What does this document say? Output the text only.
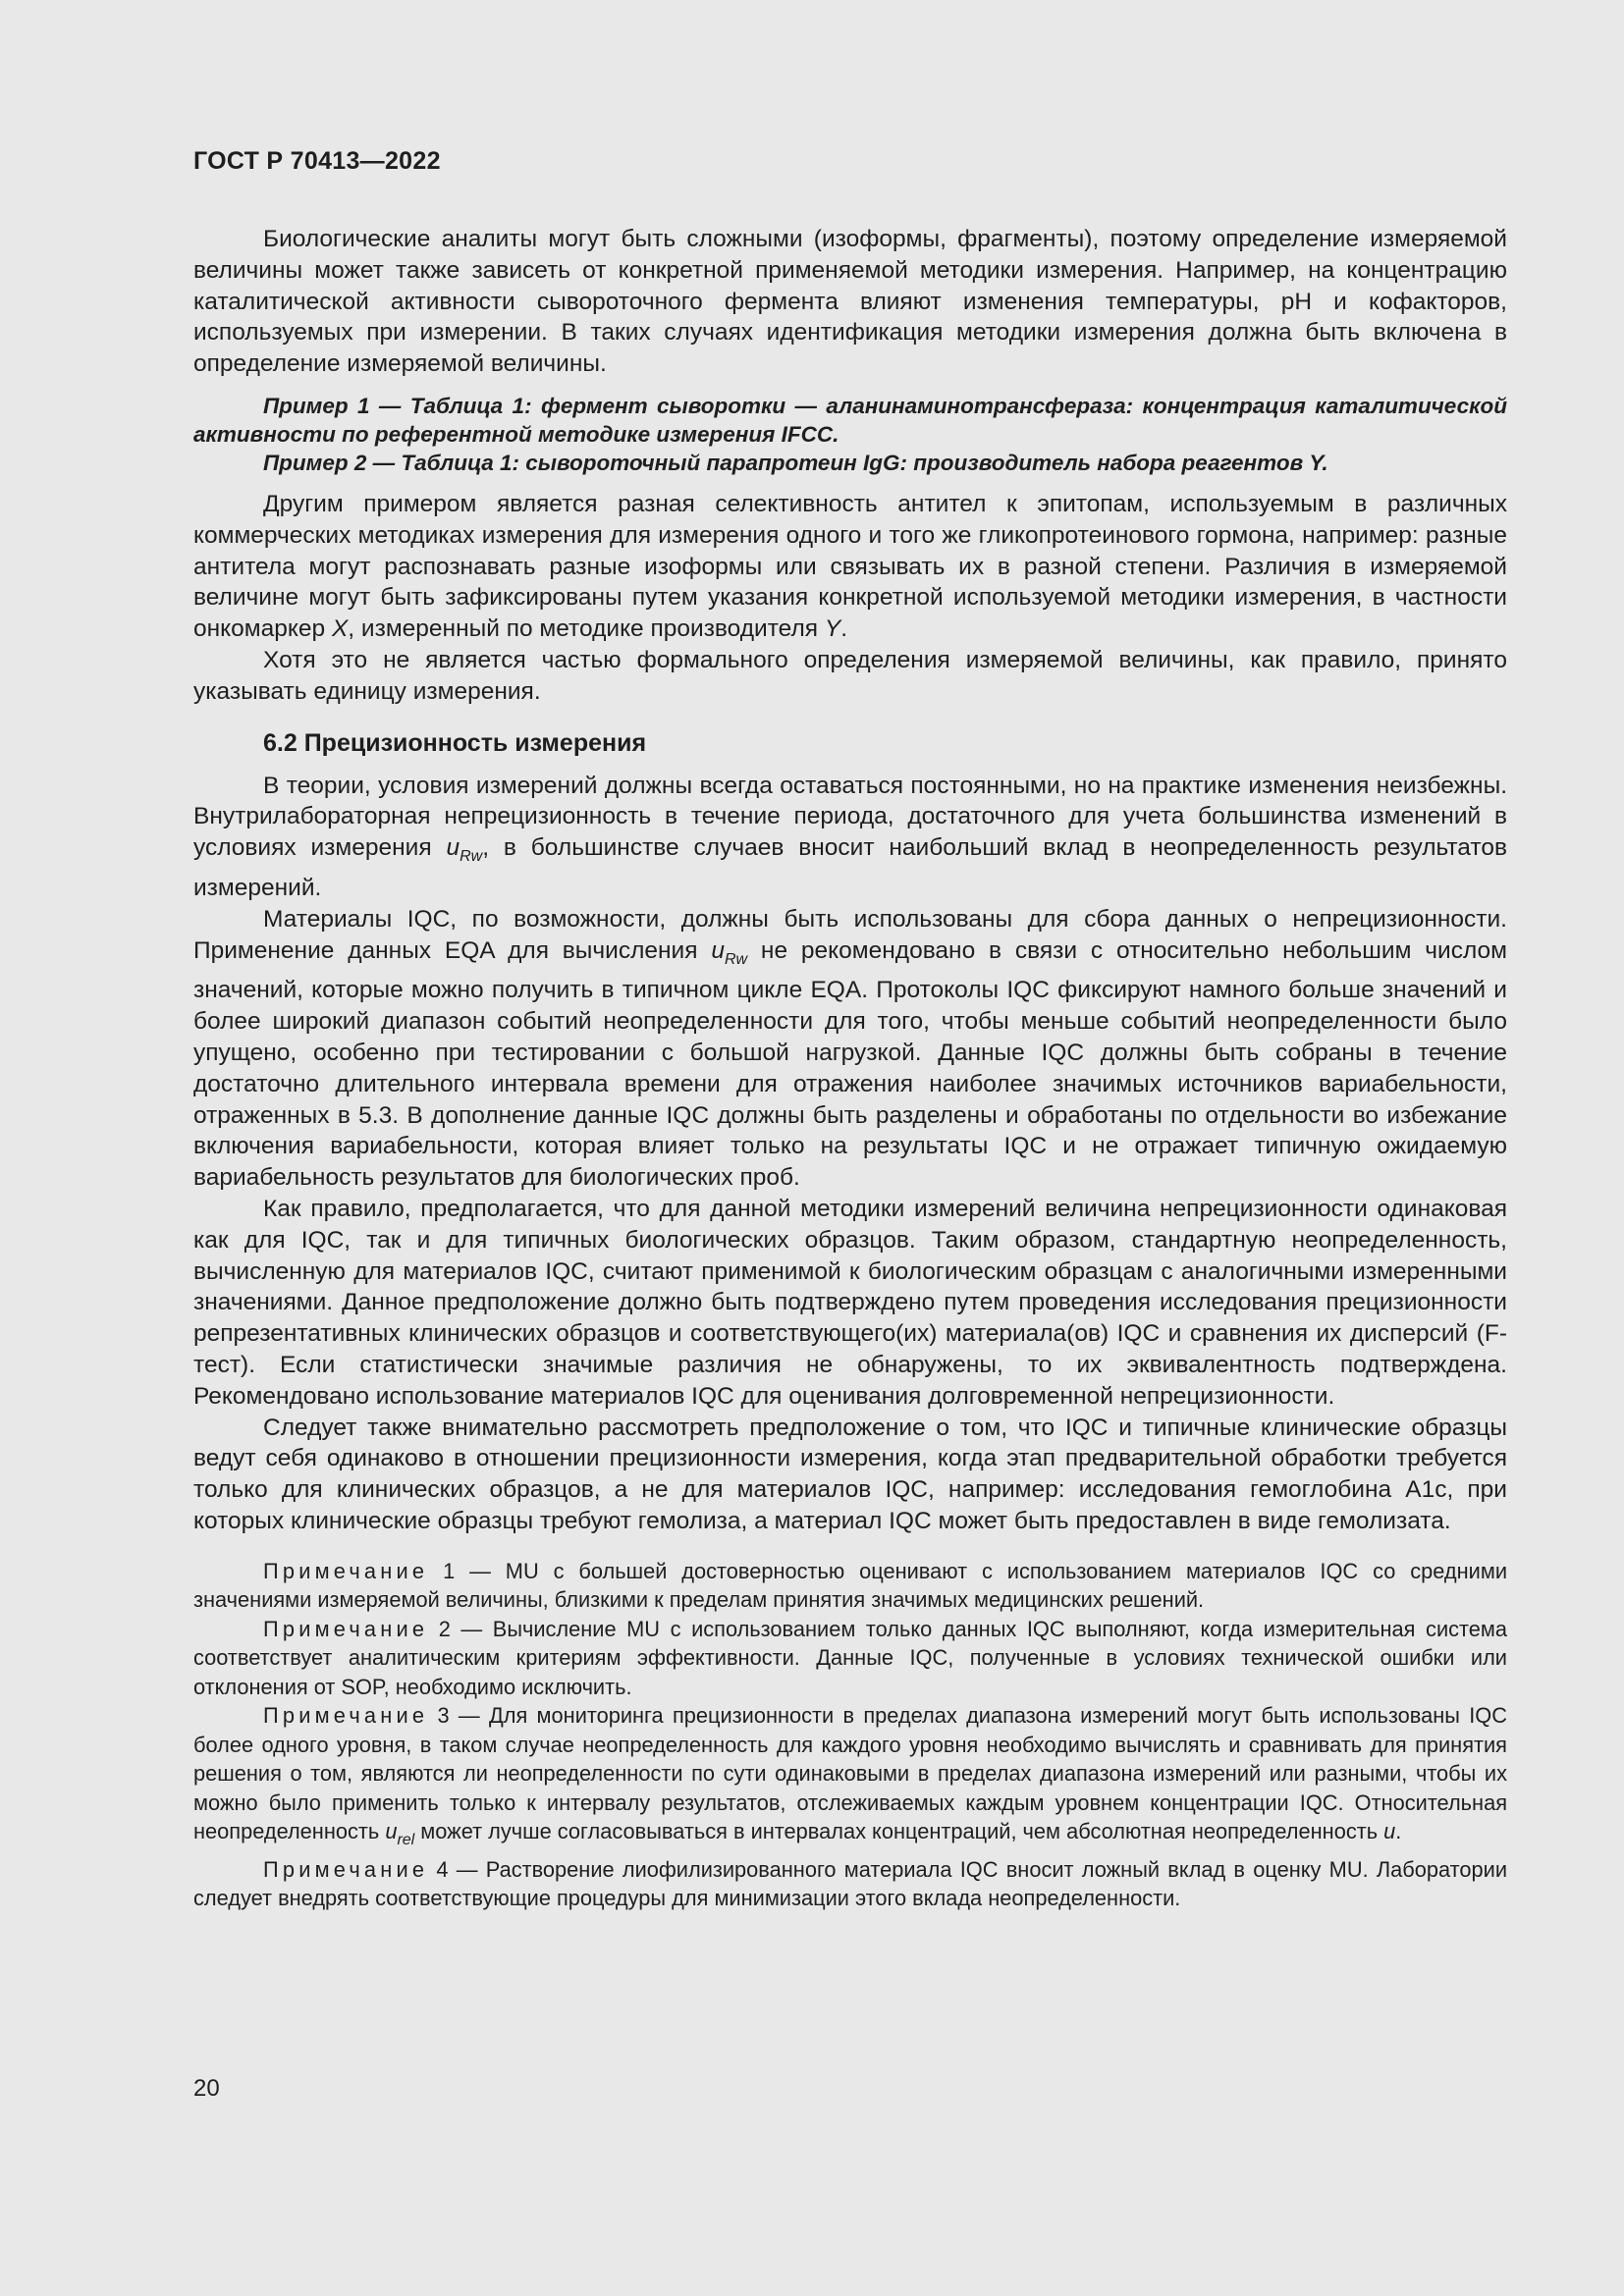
ГОСТ Р 70413—2022

Биологические аналиты могут быть сложными (изоформы, фрагменты), поэтому определение измеряемой величины может также зависеть от конкретной применяемой методики измерения. Например, на концентрацию каталитической активности сывороточного фермента влияют изменения температуры, pH и кофакторов, используемых при измерении. В таких случаях идентификация методики измерения должна быть включена в определение измеряемой величины.

Пример 1 — Таблица 1: фермент сыворотки — аланинаминотрансфераза: концентрация каталитической активности по референтной методике измерения IFCC.

Пример 2 — Таблица 1: сывороточный парапротеин IgG: производитель набора реагентов Y.

Другим примером является разная селективность антител к эпитопам, используемым в различных коммерческих методиках измерения для измерения одного и того же гликопротеинового гормона, например: разные антитела могут распознавать разные изоформы или связывать их в разной степени. Различия в измеряемой величине могут быть зафиксированы путем указания конкретной используемой методики измерения, в частности онкомаркер X, измеренный по методике производителя Y.

Хотя это не является частью формального определения измеряемой величины, как правило, принято указывать единицу измерения.

6.2 Прецизионность измерения

В теории, условия измерений должны всегда оставаться постоянными, но на практике изменения неизбежны. Внутрилабораторная непрецизионность в течение периода, достаточного для учета большинства изменений в условиях измерения $u_{Rw}$, в большинстве случаев вносит наибольший вклад в неопределенность результатов измерений.

Материалы IQC, по возможности, должны быть использованы для сбора данных о непрецизионности. Применение данных EQA для вычисления $u_{Rw}$ не рекомендовано в связи с относительно небольшим числом значений, которые можно получить в типичном цикле EQA. Протоколы IQC фиксируют намного больше значений и более широкий диапазон событий неопределенности для того, чтобы меньше событий неопределенности было упущено, особенно при тестировании с большой нагрузкой. Данные IQC должны быть собраны в течение достаточно длительного интервала времени для отражения наиболее значимых источников вариабельности, отраженных в 5.3. В дополнение данные IQC должны быть разделены и обработаны по отдельности во избежание включения вариабельности, которая влияет только на результаты IQC и не отражает типичную ожидаемую вариабельность результатов для биологических проб.

Как правило, предполагается, что для данной методики измерений величина непрецизионности одинаковая как для IQC, так и для типичных биологических образцов. Таким образом, стандартную неопределенность, вычисленную для материалов IQC, считают применимой к биологическим образцам с аналогичными измеренными значениями. Данное предположение должно быть подтверждено путем проведения исследования прецизионности репрезентативных клинических образцов и соответствующего(их) материала(ов) IQC и сравнения их дисперсий (F-тест). Если статистически значимые различия не обнаружены, то их эквивалентность подтверждена. Рекомендовано использование материалов IQC для оценивания долговременной непрецизионности.

Следует также внимательно рассмотреть предположение о том, что IQC и типичные клинические образцы ведут себя одинаково в отношении прецизионности измерения, когда этап предварительной обработки требуется только для клинических образцов, а не для материалов IQC, например: исследования гемоглобина A1c, при которых клинические образцы требуют гемолиза, а материал IQC может быть предоставлен в виде гемолизата.

Примечание 1 — MU с большей достоверностью оценивают с использованием материалов IQC со средними значениями измеряемой величины, близкими к пределам принятия значимых медицинских решений.

Примечание 2 — Вычисление MU с использованием только данных IQC выполняют, когда измерительная система соответствует аналитическим критериям эффективности. Данные IQC, полученные в условиях технической ошибки или отклонения от SOP, необходимо исключить.

Примечание 3 — Для мониторинга прецизионности в пределах диапазона измерений могут быть использованы IQC более одного уровня, в таком случае неопределенность для каждого уровня необходимо вычислять и сравнивать для принятия решения о том, являются ли неопределенности по сути одинаковыми в пределах диапазона измерений или разными, чтобы их можно было применить только к интервалу результатов, отслеживаемых каждым уровнем концентрации IQC. Относительная неопределенность $u_{rel}$ может лучше согласовываться в интервалах концентраций, чем абсолютная неопределенность u.

Примечание 4 — Растворение лиофилизированного материала IQC вносит ложный вклад в оценку MU. Лаборатории следует внедрять соответствующие процедуры для минимизации этого вклада неопределенности.

20
